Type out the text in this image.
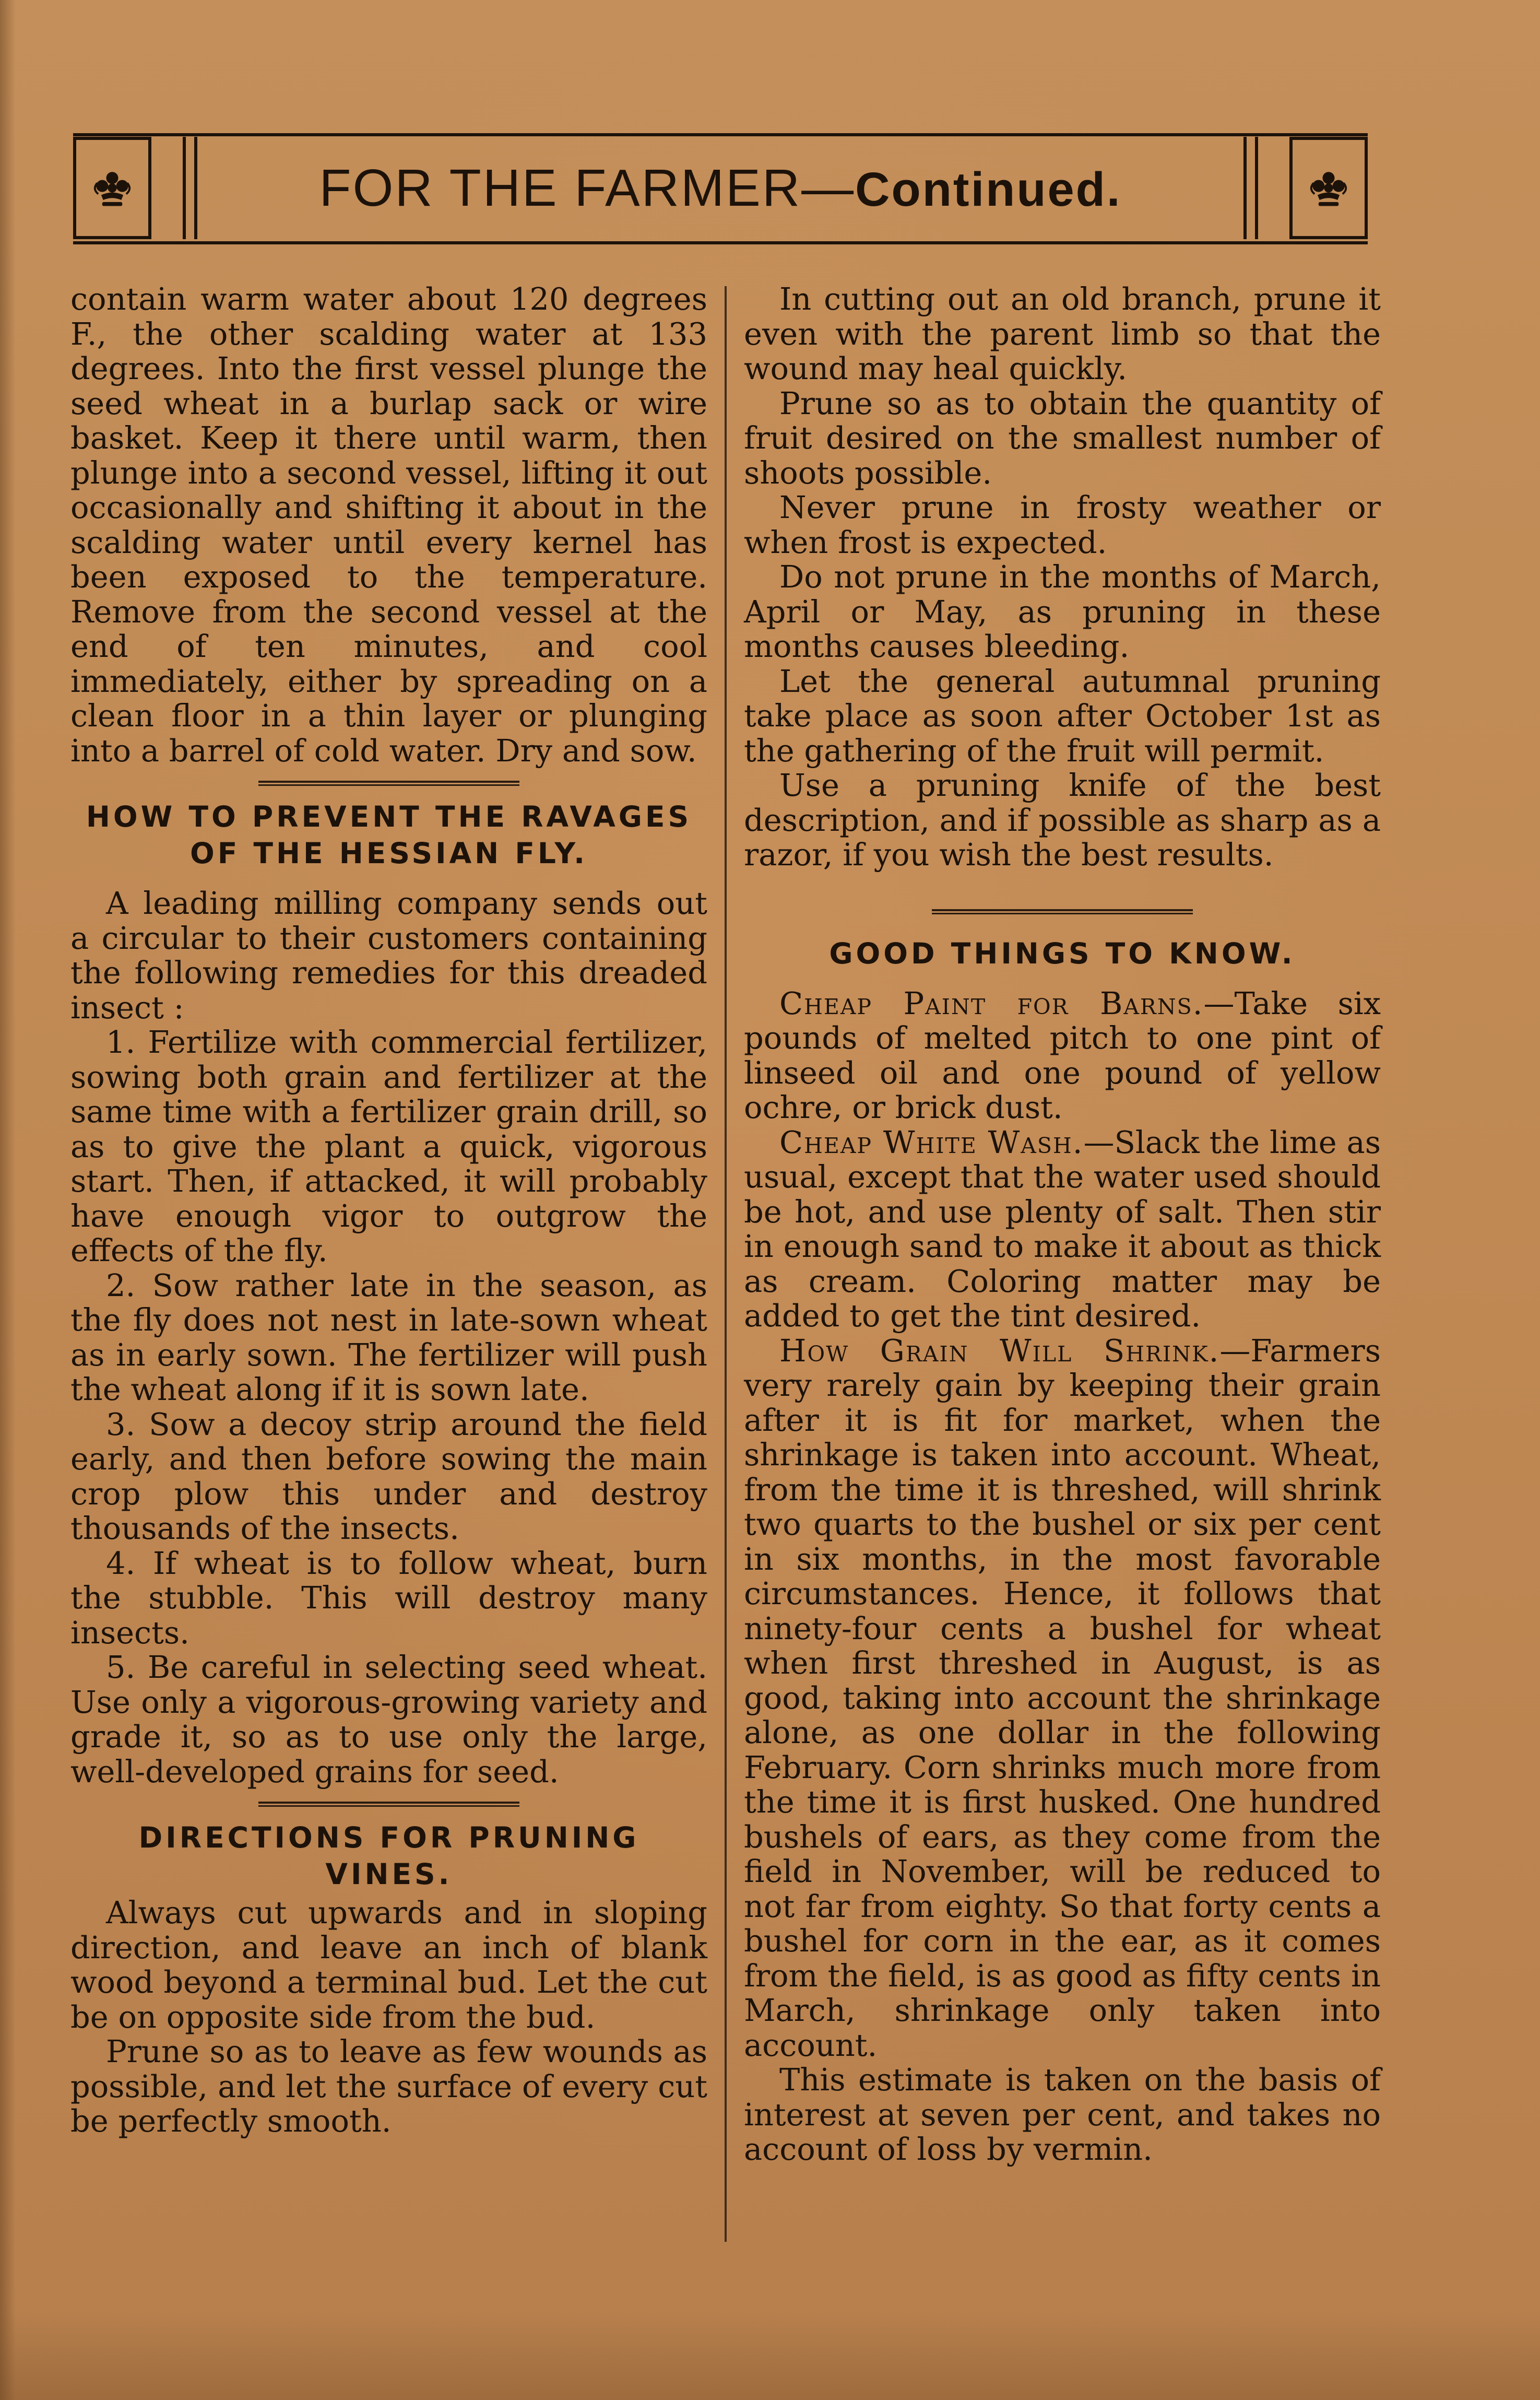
FOR THE FARMER—Continued.

contain warm water about 120 degrees F., the other scalding water at 133 degrees. Into the first vessel plunge the seed wheat in a burlap sack or wire basket. Keep it there until warm, then plunge into a second vessel, lifting it out occasionally and shifting it about in the scalding water until every kernel has been exposed to the temperature. Remove from the second vessel at the end of ten minutes, and cool immediately, either by spreading on a clean floor in a thin layer or plunging into a barrel of cold water. Dry and sow.

HOW TO PREVENT THE RAVAGES OF THE HESSIAN FLY.

A leading milling company sends out a circular to their customers containing the following remedies for this dreaded insect :

1. Fertilize with commercial fertilizer, sowing both grain and fertilizer at the same time with a fertilizer grain drill, so as to give the plant a quick, vigorous start. Then, if attacked, it will probably have enough vigor to outgrow the effects of the fly.

2. Sow rather late in the season, as the fly does not nest in late-sown wheat as in early sown. The fertilizer will push the wheat along if it is sown late.

3. Sow a decoy strip around the field early, and then before sowing the main crop plow this under and destroy thousands of the insects.

4. If wheat is to follow wheat, burn the stubble. This will destroy many insects.

5. Be careful in selecting seed wheat. Use only a vigorous-growing variety and grade it, so as to use only the large, well-developed grains for seed.

DIRECTIONS FOR PRUNING VINES.

Always cut upwards and in sloping direction, and leave an inch of blank wood beyond a terminal bud. Let the cut be on opposite side from the bud.

Prune so as to leave as few wounds as possible, and let the surface of every cut be perfectly smooth.

In cutting out an old branch, prune it even with the parent limb so that the wound may heal quickly.

Prune so as to obtain the quantity of fruit desired on the smallest number of shoots possible.

Never prune in frosty weather or when frost is expected.

Do not prune in the months of March, April or May, as pruning in these months causes bleeding.

Let the general autumnal pruning take place as soon after October 1st as the gathering of the fruit will permit.

Use a pruning knife of the best description, and if possible as sharp as a razor, if you wish the best results.

GOOD THINGS TO KNOW.

Cheap Paint for Barns.—Take six pounds of melted pitch to one pint of linseed oil and one pound of yellow ochre, or brick dust.

Cheap White Wash.—Slack the lime as usual, except that the water used should be hot, and use plenty of salt. Then stir in enough sand to make it about as thick as cream. Coloring matter may be added to get the tint desired.

How Grain Will Shrink.—Farmers very rarely gain by keeping their grain after it is fit for market, when the shrinkage is taken into account. Wheat, from the time it is threshed, will shrink two quarts to the bushel or six per cent in six months, in the most favorable circumstances. Hence, it follows that ninety-four cents a bushel for wheat when first threshed in August, is as good, taking into account the shrinkage alone, as one dollar in the following February. Corn shrinks much more from the time it is first husked. One hundred bushels of ears, as they come from the field in November, will be reduced to not far from eighty. So that forty cents a bushel for corn in the ear, as it comes from the field, is as good as fifty cents in March, shrinkage only taken into account.

This estimate is taken on the basis of interest at seven per cent, and takes no account of loss by vermin.
